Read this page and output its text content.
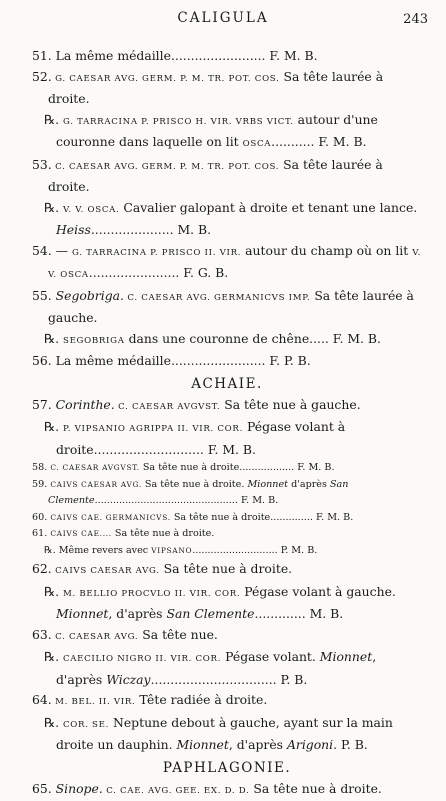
CALIGULA	243
51. La même médaille........................ F. M. B.
52. G. CAESAR AVG. GERM. P. M. TR. POT. COS. Sa tête laurée à droite.
℞. G. TARRACINA P. PRISCO H. VIR. VRBS VICT. autour d'une couronne dans laquelle on lit OSCA........... F. M. B.
53. C. CAESAR AVG. GERM. P. M. TR. POT. COS. Sa tête laurée à droite.
℞. V. V. OSCA. Cavalier galopant à droite et tenant une lance. Heiss..................... M. B.
54. — G. TARRACINA P. PRISCO II. VIR. autour du champ où on lit V. V. OSCA....................... F. G. B.
55. Segobriga. C. CAESAR AVG. GERMANICVS IMP. Sa tête laurée à gauche.
℞. SEGOBRIGA dans une couronne de chêne..... F. M. B.
56. La même médaille........................ F. P. B.
ACHAIE.
57. Corinthe. C. CAESAR AVGVST. Sa tête nue à gauche.
℞. P. VIPSANIO AGRIPPA II. VIR. COR. Pégase volant à droite............................ F. M. B.
58. C. CAESAR AVGVST. Sa tête nue à droite.................. F. M. B.
59. CAIVS CAESAR AVG. Sa tête nue à droite. Mionnet d'après San Clemente............................................... F. M. B.
60. CAIVS CAE. GERMANICVS. Sa tête nue à droite.............. F. M. B.
61. CAIVS CAE.... Sa tête nue à droite.
℞. Même revers avec VIPSANO............................ P. M. B.
62. CAIVS CAESAR AVG. Sa tête nue à droite.
℞. M. BELLIO PROCVLO II. VIR. COR. Pégase volant à gauche. Mionnet, d'après San Clemente............. M. B.
63. C. CAESAR AVG. Sa tête nue.
℞. CAECILIO NIGRO II. VIR. COR. Pégase volant. Mionnet, d'après Wiczay................................ P. B.
64. M. BEL. II. VIR. Tête radiée à droite.
℞. COR. SE. Neptune debout à gauche, ayant sur la main droite un dauphin. Mionnet, d'après Arigoni. P. B.
PAPHLAGONIE.
65. Sinope. C. CAE. AVG. GEE. EX. D. D. Sa tête nue à droite.
